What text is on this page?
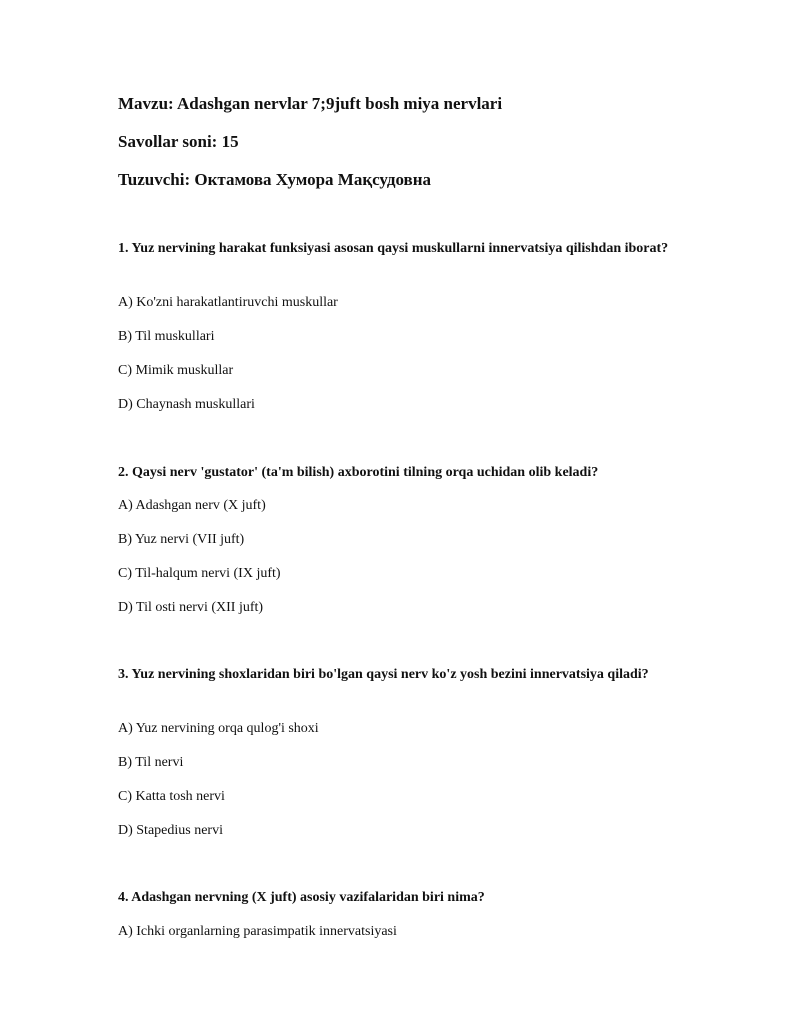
Mavzu: Adashgan nervlar 7;9juft bosh miya nervlari
Savollar soni: 15
Tuzuvchi: Октамова Хумора Мақсудовна
1. Yuz nervining harakat funksiyasi asosan qaysi muskullarni innervatsiya qilishdan iborat?
A) Ko'zni harakatlantiruvchi muskullar
B) Til muskullari
C) Mimik muskullar
D) Chaynash muskullari
2. Qaysi nerv 'gustator' (ta'm bilish) axborotini tilning orqa uchidan olib keladi?
A) Adashgan nerv (X juft)
B) Yuz nervi (VII juft)
C) Til-halqum nervi (IX juft)
D) Til osti nervi (XII juft)
3. Yuz nervining shoxlaridan biri bo'lgan qaysi nerv ko'z yosh bezini innervatsiya qiladi?
A) Yuz nervining orqa qulog'i shoxi
B) Til nervi
C) Katta tosh nervi
D) Stapedius nervi
4. Adashgan nervning (X juft) asosiy vazifalaridan biri nima?
A) Ichki organlarning parasimpatik innervatsiyasi
